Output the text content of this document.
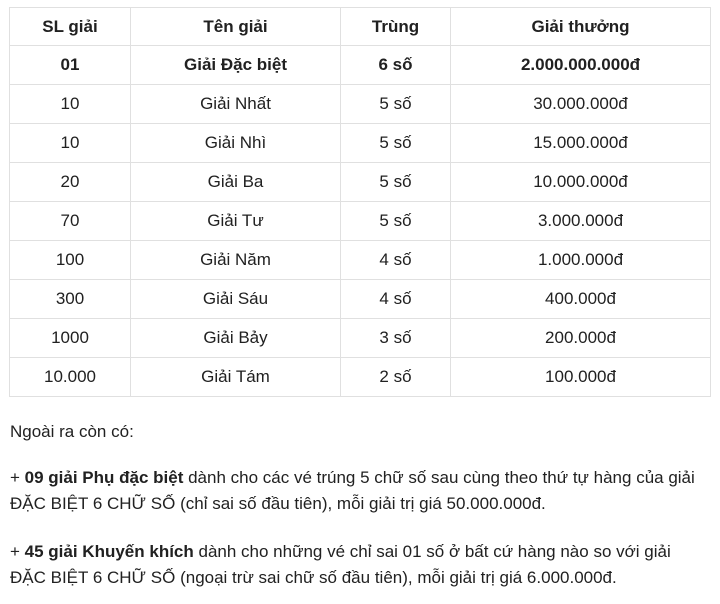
SL giải	Tên giải	Trùng	Giải thưởng
01	Giải Đặc biệt	6 số	2.000.000.000đ
10	Giải Nhất	5 số	30.000.000đ
10	Giải Nhì	5 số	15.000.000đ
20	Giải Ba	5 số	10.000.000đ
70	Giải Tư	5 số	3.000.000đ
100	Giải Năm	4 số	1.000.000đ
300	Giải Sáu	4 số	400.000đ
1000	Giải Bảy	3 số	200.000đ
10.000	Giải Tám	2 số	100.000đ

Ngoài ra còn có:

+ 09 giải Phụ đặc biệt dành cho các vé trúng 5 chữ số sau cùng theo thứ tự hàng của giải ĐẶC BIỆT 6 CHỮ SỐ (chỉ sai số đầu tiên), mỗi giải trị giá 50.000.000đ.

+ 45 giải Khuyến khích dành cho những vé chỉ sai 01 số ở bất cứ hàng nào so với giải ĐẶC BIỆT 6 CHỮ SỐ (ngoại trừ sai chữ số đầu tiên), mỗi giải trị giá 6.000.000đ.
